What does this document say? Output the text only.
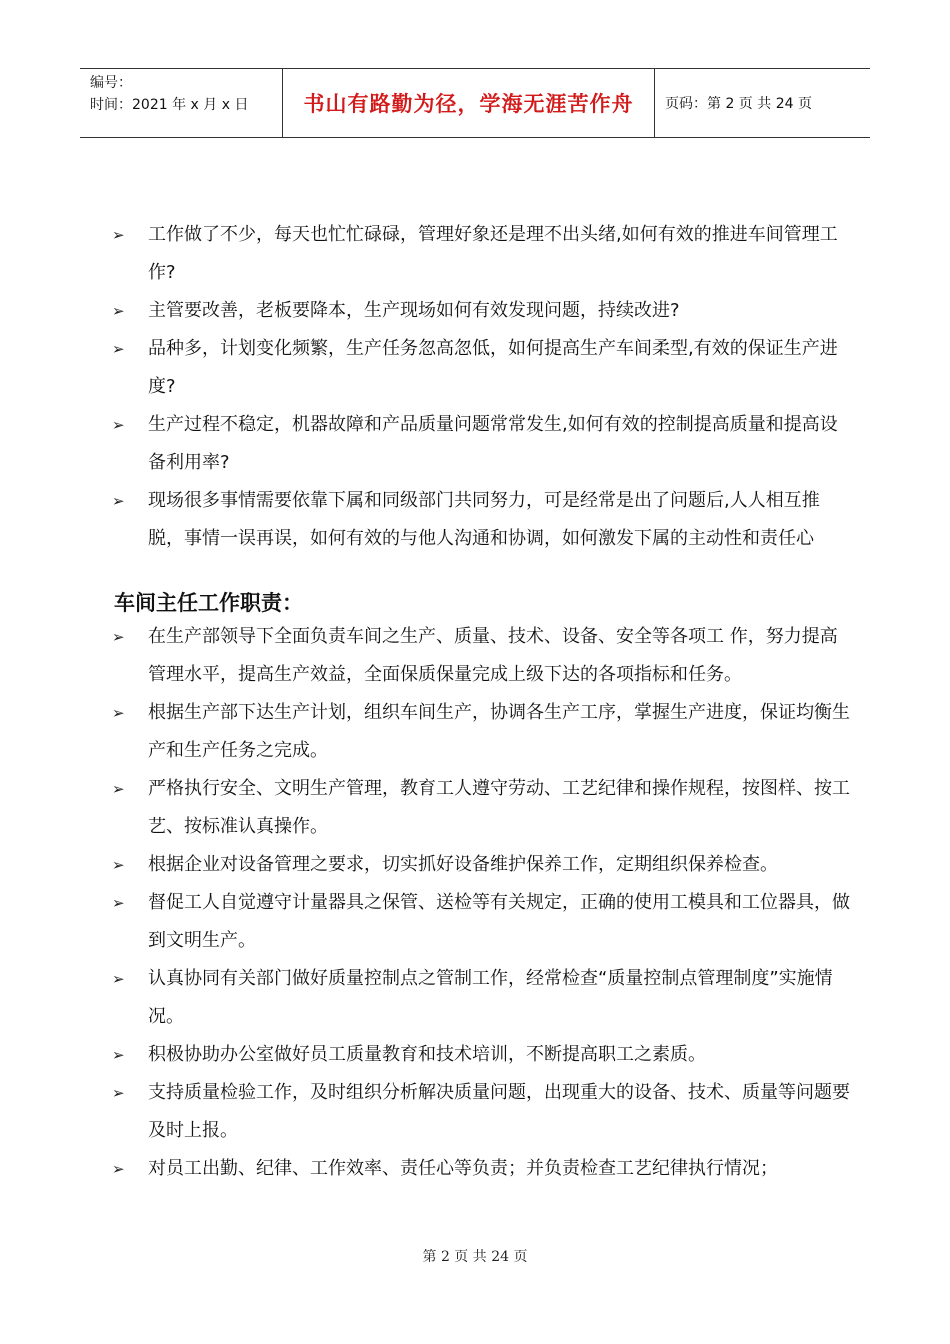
编号：
时间：2021 年 x 月 x 日	书山有路勤为径，学海无涯苦作舟 页码：第 2 页 共 24 页
➢	工作做了不少，每天也忙忙碌碌，管理好象还是理不出头绪,如何有效的推进车间管理工作?
➢	主管要改善，老板要降本，生产现场如何有效发现问题，持续改进?
➢	品种多，计划变化频繁，生产任务忽高忽低，如何提高生产车间柔型,有效的保证生产进度?
➢	生产过程不稳定，机器故障和产品质量问题常常发生,如何有效的控制提高质量和提高设备利用率?
➢	现场很多事情需要依靠下属和同级部门共同努力，可是经常是出了问题后,人人相互推脱，事情一误再误，如何有效的与他人沟通和协调，如何激发下属的主动性和责任心
车间主任工作职责：
➢	在生产部领导下全面负责车间之生产、质量、技术、设备、安全等各项工 作，努力提高管理水平，提高生产效益，全面保质保量完成上级下达的各项指标和任务。
➢	根据生产部下达生产计划，组织车间生产，协调各生产工序，掌握生产进度，保证均衡生产和生产任务之完成。
➢	严格执行安全、文明生产管理，教育工人遵守劳动、工艺纪律和操作规程，按图样、按工艺、按标准认真操作。
➢	根据企业对设备管理之要求，切实抓好设备维护保养工作，定期组织保养检查。
➢	督促工人自觉遵守计量器具之保管、送检等有关规定，正确的使用工模具和工位器具，做到文明生产。
➢	认真协同有关部门做好质量控制点之管制工作，经常检查“质量控制点管理制度”实施情况。
➢	积极协助办公室做好员工质量教育和技术培训，不断提高职工之素质。
➢	支持质量检验工作，及时组织分析解决质量问题，出现重大的设备、技术、质量等问题要及时上报。
➢	对员工出勤、纪律、工作效率、责任心等负责；并负责检查工艺纪律执行情况；
第 2 页 共 24 页
